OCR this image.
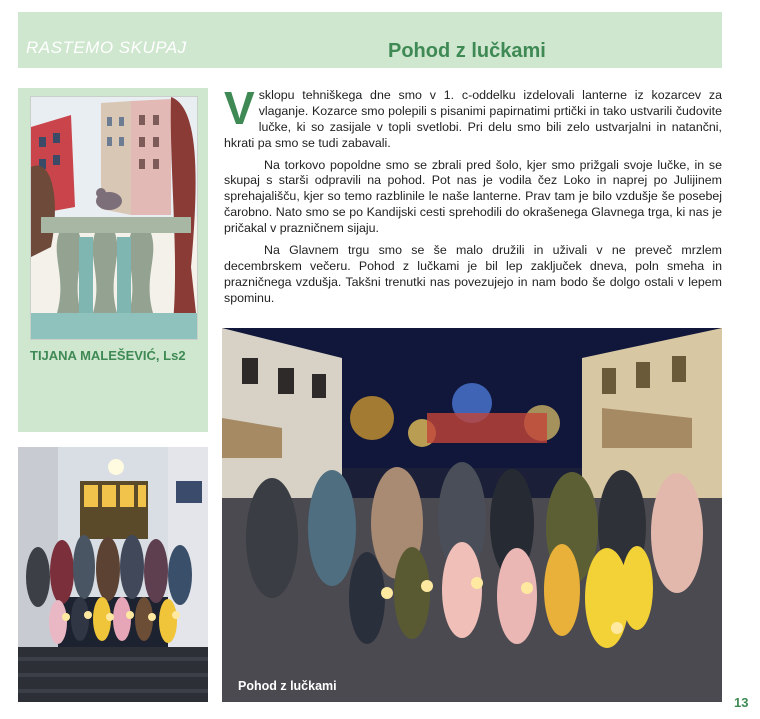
RASTEMO SKUPAJ	Pohod z lučkami
TIJANA MALEŠEVIĆ, Ls2

Vsklopu tehniškega dne smo v 1. c-oddelku izdelovali lanterne iz kozarcev za vlaganje. Kozarce smo polepili s pisanimi papirnatimi prtički in tako ustvarili čudovite lučke, ki so zasijale v topli svetlobi. Pri delu smo bili zelo ustvarjalni in natančni, hkrati pa smo se tudi zabavali.

Na torkovo popoldne smo se zbrali pred šolo, kjer smo prižgali svoje lučke, in se skupaj s starši odpravili na pohod. Pot nas je vodila čez Loko in naprej po Julijinem sprehajališču, kjer so temo razblinile le naše lanterne. Prav tam je bilo vzdušje še posebej čarobno. Nato smo se po Kandijski cesti sprehodili do okrašenega Glavnega trga, ki nas je pričakal v prazničnem sijaju.

Na Glavnem trgu smo se še malo družili in uživali v ne preveč mrzlem decembrskem večeru. Pohod z lučkami je bil lep zaključek dneva, poln smeha in prazničnega vzdušja. Takšni trenutki nas povezujejo in nam bodo še dolgo ostali v lepem spominu.

Pohod z lučkami
13
